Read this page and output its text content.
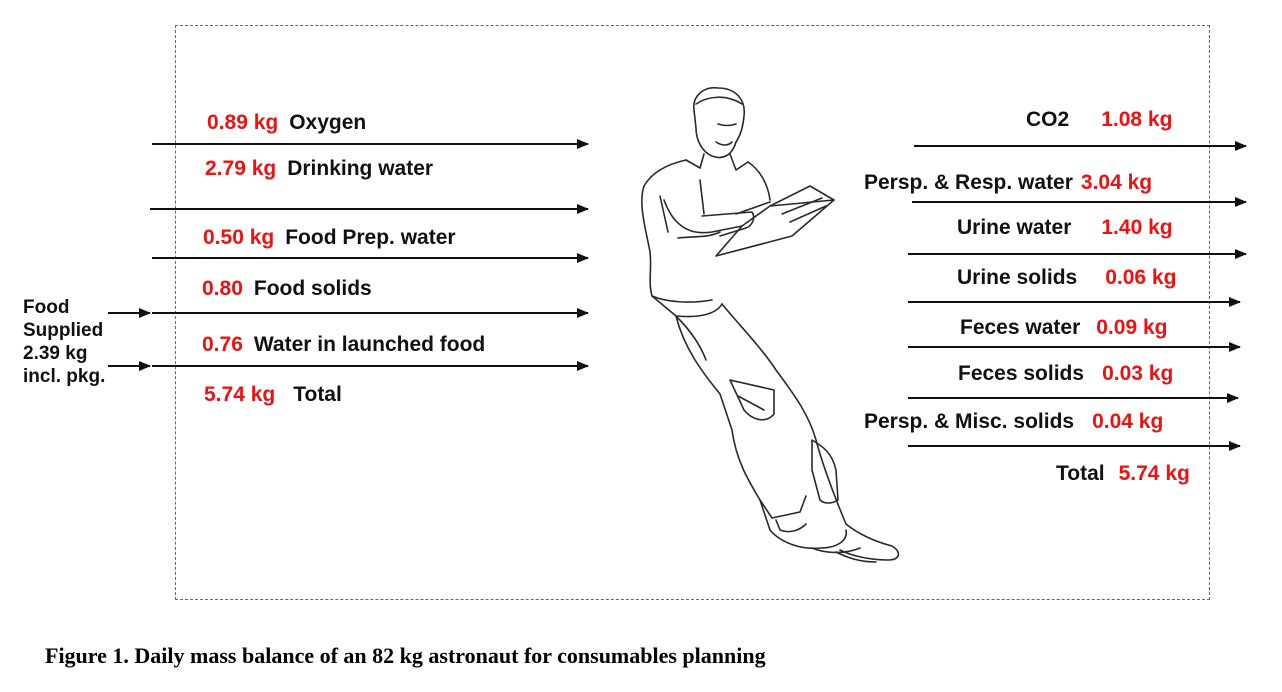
0.89 kg Oxygen
2.79 kg Drinking water
0.50 kg Food Prep. water
0.80 Food solids
0.76 Water in launched food
5.74 kg Total
Food
Supplied
2.39 kg
incl. pkg.
CO2 1.08 kg
Persp. & Resp. water 3.04 kg
Urine water 1.40 kg
Urine solids 0.06 kg
Feces water 0.09 kg
Feces solids 0.03 kg
Persp. & Misc. solids 0.04 kg
Total 5.74 kg
Figure 1. Daily mass balance of an 82 kg astronaut for consumables planning
